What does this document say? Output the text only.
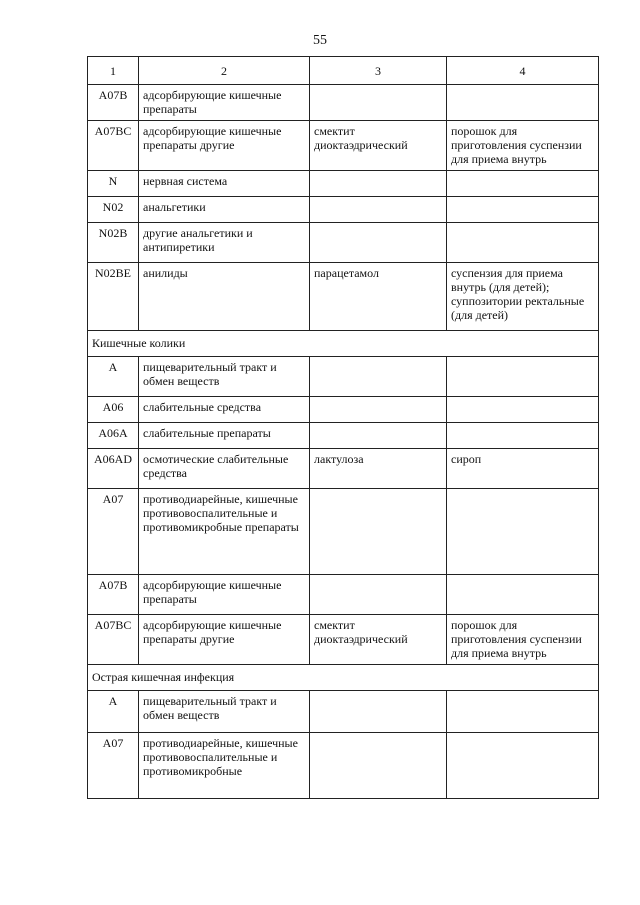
55
1	2	3	4
A07B	адсорбирующие кишечные препараты		
A07BC	адсорбирующие кишечные препараты другие	смектит диоктаэдрический	порошок для приготовления суспензии для приема внутрь
N	нервная система		
N02	анальгетики		
N02B	другие анальгетики и антипиретики		
N02BE	анилиды	парацетамол	суспензия для приема внутрь (для детей); суппозитории ректальные (для детей)
Кишечные колики			
A	пищеварительный тракт и обмен веществ		
A06	слабительные средства		
A06A	слабительные препараты		
A06AD	осмотические слабительные средства	лактулоза	сироп
A07	противодиарейные, кишечные противовоспалительные и противомикробные препараты		
A07B	адсорбирующие кишечные препараты		
A07BC	адсорбирующие кишечные препараты другие	смектит диоктаэдрический	порошок для приготовления суспензии для приема внутрь
Острая кишечная инфекция			
A	пищеварительный тракт и обмен веществ		
A07	противодиарейные, кишечные противовоспалительные и противомикробные		
